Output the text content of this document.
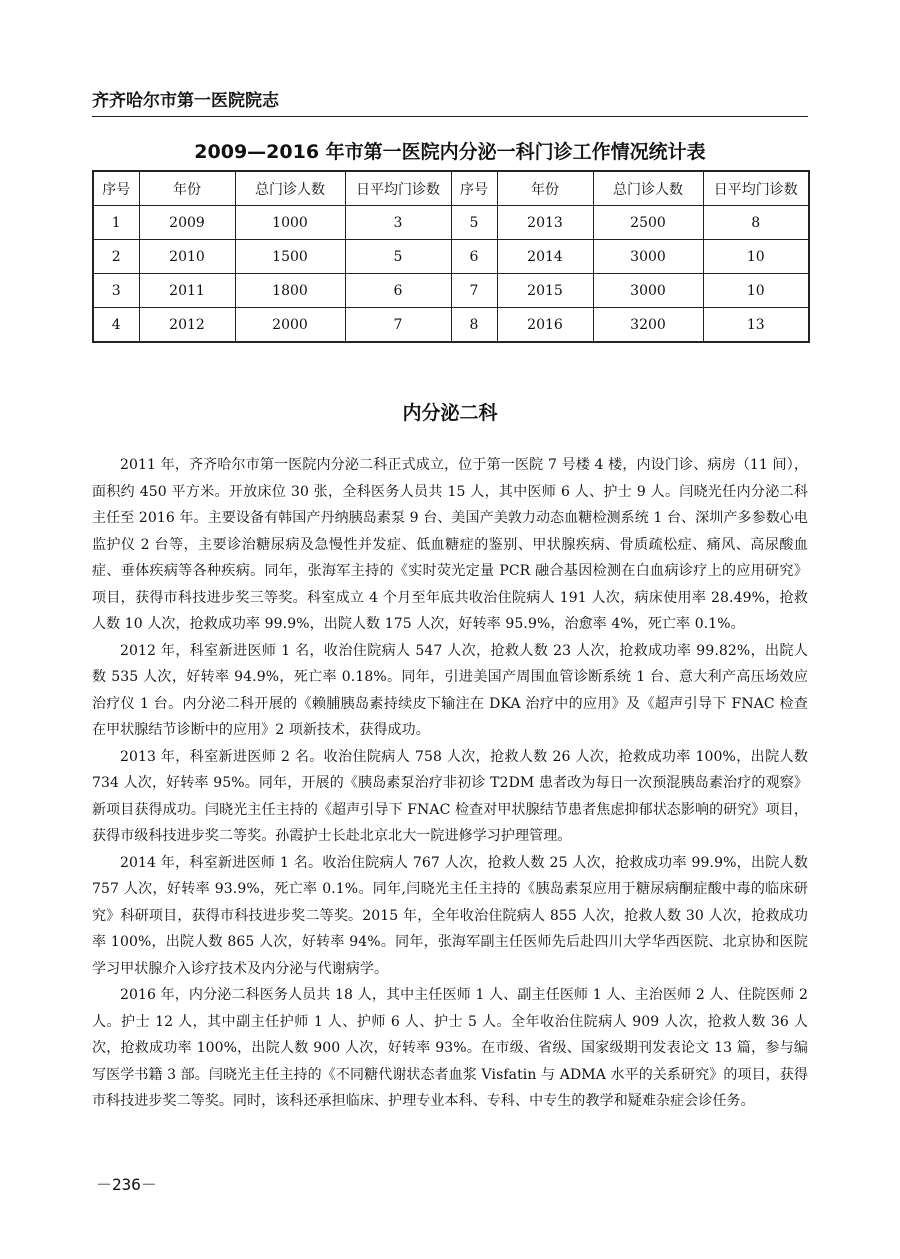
齐齐哈尔市第一医院院志
2009—2016 年市第一医院内分泌一科门诊工作情况统计表
序号	年份	总门诊人数	日平均门诊数	序号	年份	总门诊人数	日平均门诊数
1	2009	1000	3	5	2013	2500	8
2	2010	1500	5	6	2014	3000	10
3	2011	1800	6	7	2015	3000	10
4	2012	2000	7	8	2016	3200	13
内分泌二科

2011 年，齐齐哈尔市第一医院内分泌二科正式成立，位于第一医院 7 号楼 4 楼，内设门诊、病房（11 间），面积约 450 平方米。开放床位 30 张，全科医务人员共 15 人，其中医师 6 人、护士 9 人。闫晓光任内分泌二科主任至 2016 年。主要设备有韩国产丹纳胰岛素泵 9 台、美国产美敦力动态血糖检测系统 1 台、深圳产多参数心电监护仪 2 台等，主要诊治糖尿病及急慢性并发症、低血糖症的鉴别、甲状腺疾病、骨质疏松症、痛风、高尿酸血症、垂体疾病等各种疾病。同年，张海军主持的《实时荧光定量 PCR 融合基因检测在白血病诊疗上的应用研究》项目，获得市科技进步奖三等奖。科室成立 4 个月至年底共收治住院病人 191 人次，病床使用率 28.49%，抢救人数 10 人次，抢救成功率 99.9%，出院人数 175 人次，好转率 95.9%，治愈率 4%，死亡率 0.1%。

2012 年，科室新进医师 1 名，收治住院病人 547 人次，抢救人数 23 人次，抢救成功率 99.82%，出院人数 535 人次，好转率 94.9%，死亡率 0.18%。同年，引进美国产周围血管诊断系统 1 台、意大利产高压场效应治疗仪 1 台。内分泌二科开展的《赖脯胰岛素持续皮下输注在 DKA 治疗中的应用》及《超声引导下 FNAC 检查在甲状腺结节诊断中的应用》2 项新技术，获得成功。

2013 年，科室新进医师 2 名。收治住院病人 758 人次，抢救人数 26 人次，抢救成功率 100%，出院人数 734 人次，好转率 95%。同年，开展的《胰岛素泵治疗非初诊 T2DM 患者改为每日一次预混胰岛素治疗的观察》新项目获得成功。闫晓光主任主持的《超声引导下 FNAC 检查对甲状腺结节患者焦虑抑郁状态影响的研究》项目，获得市级科技进步奖二等奖。孙霞护士长赴北京北大一院进修学习护理管理。

2014 年，科室新进医师 1 名。收治住院病人 767 人次，抢救人数 25 人次，抢救成功率 99.9%，出院人数 757 人次，好转率 93.9%，死亡率 0.1%。同年,闫晓光主任主持的《胰岛素泵应用于糖尿病酮症酸中毒的临床研究》科研项目，获得市科技进步奖二等奖。2015 年，全年收治住院病人 855 人次，抢救人数 30 人次，抢救成功率 100%，出院人数 865 人次，好转率 94%。同年，张海军副主任医师先后赴四川大学华西医院、北京协和医院学习甲状腺介入诊疗技术及内分泌与代谢病学。

2016 年，内分泌二科医务人员共 18 人，其中主任医师 1 人、副主任医师 1 人、主治医师 2 人、住院医师 2 人。护士 12 人，其中副主任护师 1 人、护师 6 人、护士 5 人。全年收治住院病人 909 人次，抢救人数 36 人次，抢救成功率 100%，出院人数 900 人次，好转率 93%。在市级、省级、国家级期刊发表论文 13 篇，参与编写医学书籍 3 部。闫晓光主任主持的《不同糖代谢状态者血浆 Visfatin 与 ADMA 水平的关系研究》的项目，获得市科技进步奖二等奖。同时，该科还承担临床、护理专业本科、专科、中专生的教学和疑难杂症会诊任务。

－236－
